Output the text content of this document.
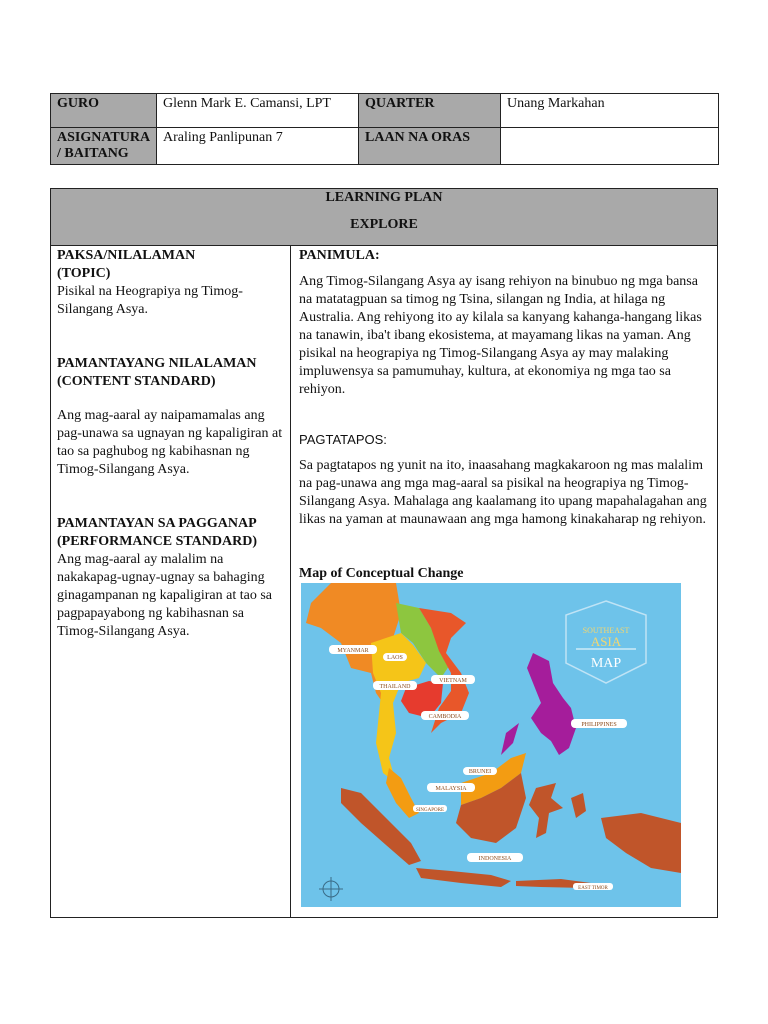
GURO	Glenn Mark E. Camansi, LPT	QUARTER	Unang Markahan
ASIGNATURA
/ BAITANG	Araling Panlipunan 7	LAAN NA ORAS	
LEARNING PLAN
EXPLORE

PAKSA/NILALAMAN

(TOPIC)

Pisikal na Heograpiya ng Timog-Silangang Asya.

PAMANTAYANG NILALAMAN

(CONTENT STANDARD)

Ang mag-aaral ay naipamamalas ang pag-unawa sa ugnayan ng kapaligiran at tao sa paghubog ng kabihasnan ng Timog-Silangang Asya.

PAMANTAYAN SA PAGGANAP

(PERFORMANCE STANDARD)

Ang mag-aaral ay malalim na nakakapag-ugnay-ugnay sa bahaging ginagampanan ng kapaligiran at tao sa pagpapayabong ng kabihasnan sa Timog-Silangang Asya.

PANIMULA:

Ang Timog-Silangang Asya ay isang rehiyon na binubuo ng mga bansa na matatagpuan sa timog ng Tsina, silangan ng India, at hilaga ng Australia. Ang rehiyong ito ay kilala sa kanyang kahanga-hangang likas na tanawin, iba't ibang ekosistema, at mayamang likas na yaman. Ang pisikal na heograpiya ng Timog-Silangang Asya ay may malaking impluwensya sa pamumuhay, kultura, at ekonomiya ng mga tao sa rehiyon.

PAGTATAPOS:

Sa pagtatapos ng yunit na ito, inaasahang magkakaroon ng mas malalim na pag-unawa ang mga mag-aaral sa pisikal na heograpiya ng Timog-Silangang Asya. Mahalaga ang kaalamang ito upang mapahalagahan ang likas na yaman at maunawaan ang mga hamong kinakaharap ng rehiyon.

Map of Conceptual Change

SOUTHEAST
ASIA
MAP
MYANMAR
LAOS
THAILAND
VIETNAM
CAMBODIA
PHILIPPINES
BRUNEI
MALAYSIA
SINGAPORE
INDONESIA
EAST TIMOR
